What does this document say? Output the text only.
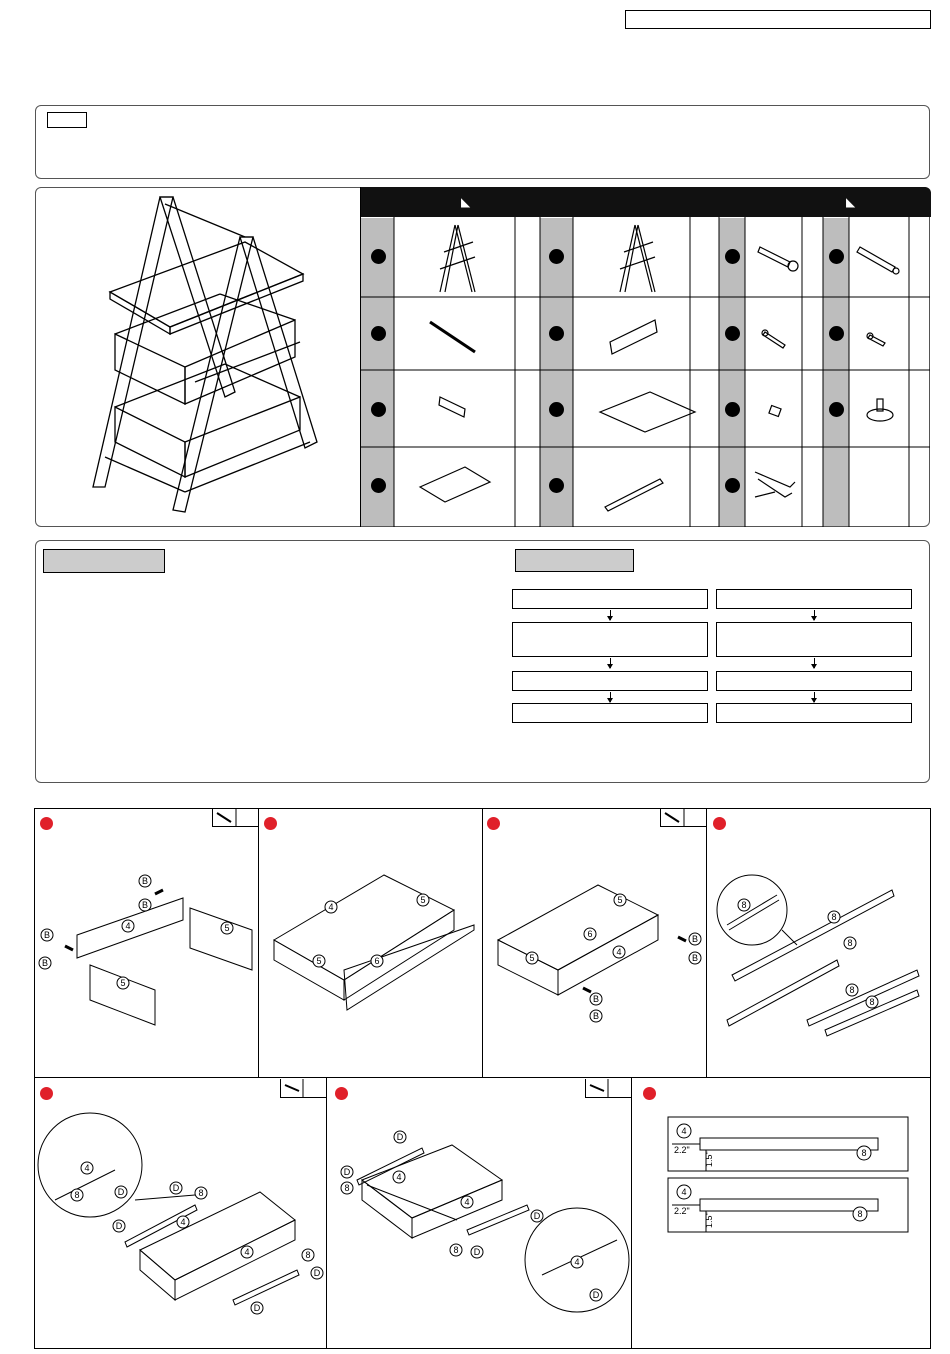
◣	◣
B
B
B
B
4	5
5
4
5
5	6
5
6
4
5
B
B
B
B
8
8
8
8
8
4
8	D	D 8
4
D
4	8
D
D
D
D
8
4
4
D
8 D
4
D
4
8
4
8
2.2"
2.2"
1.5"
1.5"
